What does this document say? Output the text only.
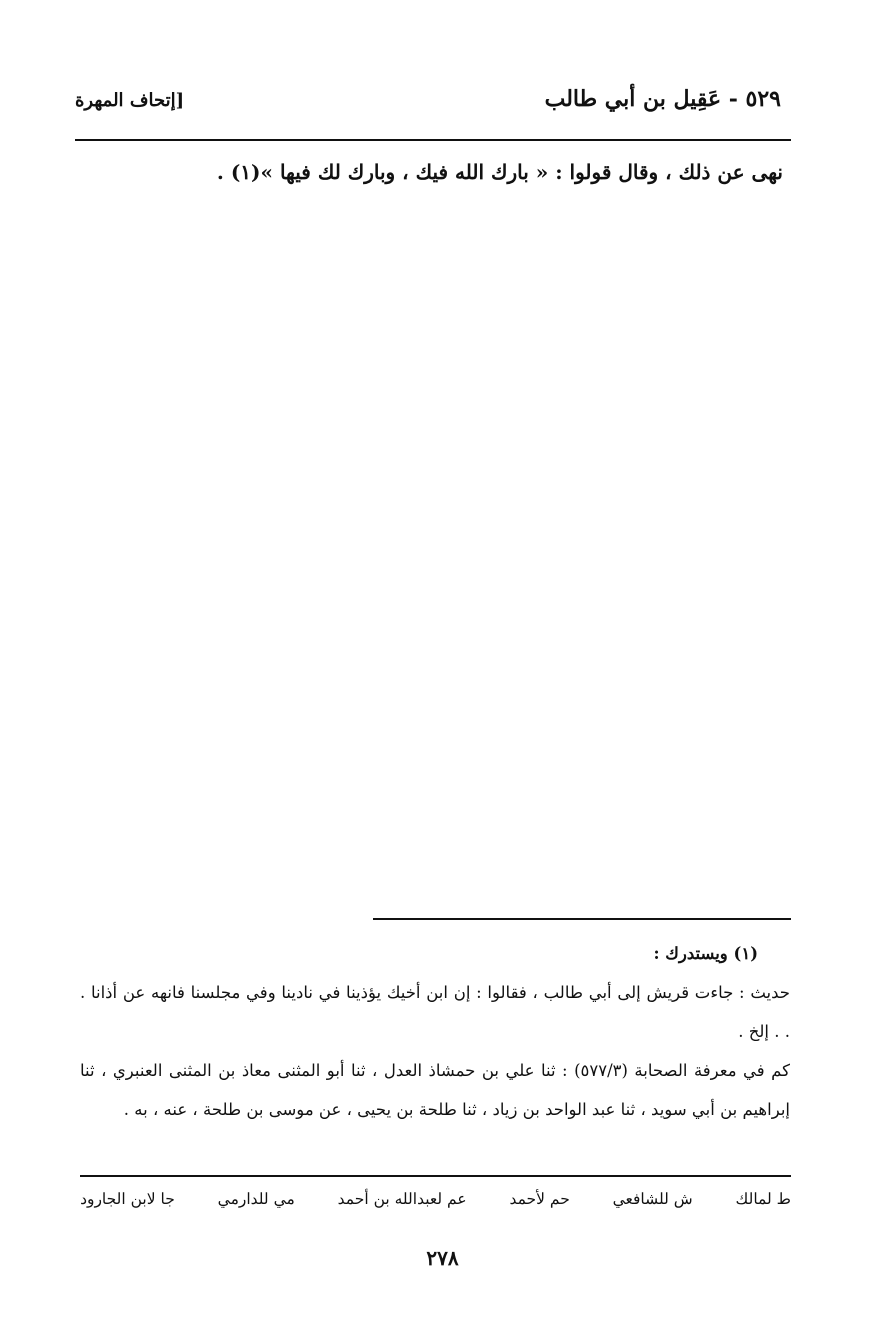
٥٢٩ - عَقِيل بن أبي طالب
[إتحاف المهرة
نهى عن ذلك ، وقال قولوا : « بارك الله فيك ، وبارك لك فيها »(١) .

(١) ويستدرك :

حديث : جاءت قريش إلى أبي طالب ، فقالوا : إن ابن أخيك يؤذينا في نادينا وفي مجلسنا فانهه عن أذانا . . . إلخ .

كم في معرفة الصحابة (٥٧٧/٣) : ثنا علي بن حمشاذ العدل ، ثنا أبو المثنى معاذ بن المثنى العنبري ، ثنا إبراهيم بن أبي سويد ، ثنا عبد الواحد بن زياد ، ثنا طلحة بن يحيى ، عن موسى بن طلحة ، عنه ، به .

ط لمالك
ش للشافعي
حم لأحمد
عم لعبدالله بن أحمد
مي للدارمي
جا لابن الجارود
٢٧٨
